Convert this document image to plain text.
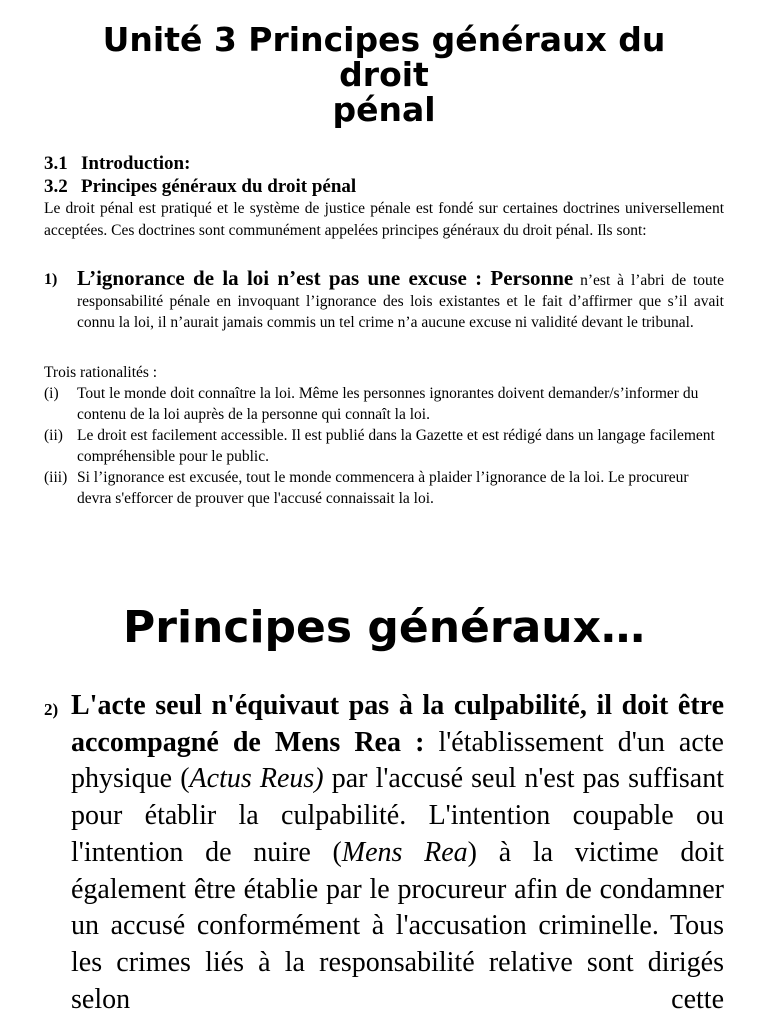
Unité 3 Principes généraux du
droit
pénal
3.1 Introduction:
3.2 Principes généraux du droit pénal
Le droit pénal est pratiqué et le système de justice pénale est fondé sur certaines doctrines universellement acceptées. Ces doctrines sont communément appelées principes généraux du droit pénal. Ils sont:
1) L’ignorance de la loi n’est pas une excuse : Personne n’est à l’abri de toute responsabilité pénale en invoquant l’ignorance des lois existantes et le fait d’affirmer que s’il avait connu la loi, il n’aurait jamais commis un tel crime n’a aucune excuse ni validité devant le tribunal.
Trois rationalités :
(i) Tout le monde doit connaître la loi. Même les personnes ignorantes doivent demander/s’informer du contenu de la loi auprès de la personne qui connaît la loi.
(ii) Le droit est facilement accessible. Il est publié dans la Gazette et est rédigé dans un langage facilement compréhensible pour le public.
(iii) Si l’ignorance est excusée, tout le monde commencera à plaider l’ignorance de la loi. Le procureur devra s'efforcer de prouver que l'accusé connaissait la loi.
Principes généraux…
2) L'acte seul n'équivaut pas à la culpabilité, il doit être accompagné de Mens Rea : l'établissement d'un acte physique (Actus Reus) par l'accusé seul n'est pas suffisant pour établir la culpabilité. L'intention coupable ou l'intention de nuire (Mens Rea) à la victime doit également être établie par le procureur afin de condamner un accusé conformément à l'accusation criminelle. Tous les crimes liés à la responsabilité relative sont dirigés selon cette
